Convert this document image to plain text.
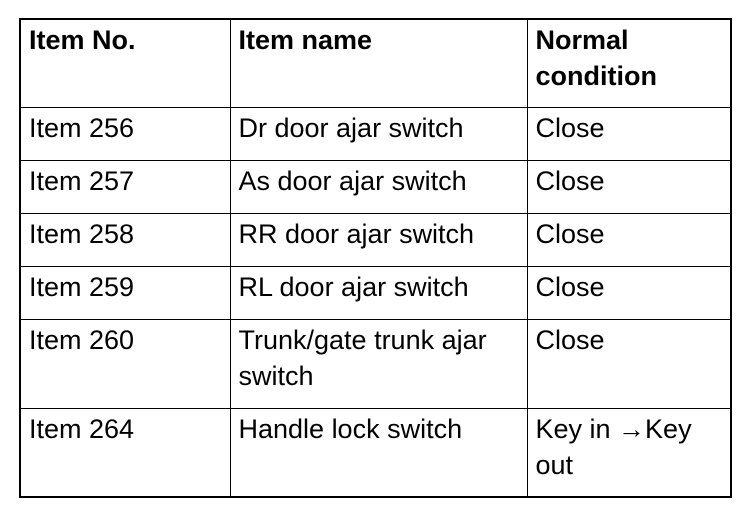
Item No.	Item name	Normal condition
Item 256	Dr door ajar switch	Close
Item 257	As door ajar switch	Close
Item 258	RR door ajar switch	Close
Item 259	RL door ajar switch	Close
Item 260	Trunk/gate trunk ajar switch	Close
Item 264	Handle lock switch	Key in →Key out
